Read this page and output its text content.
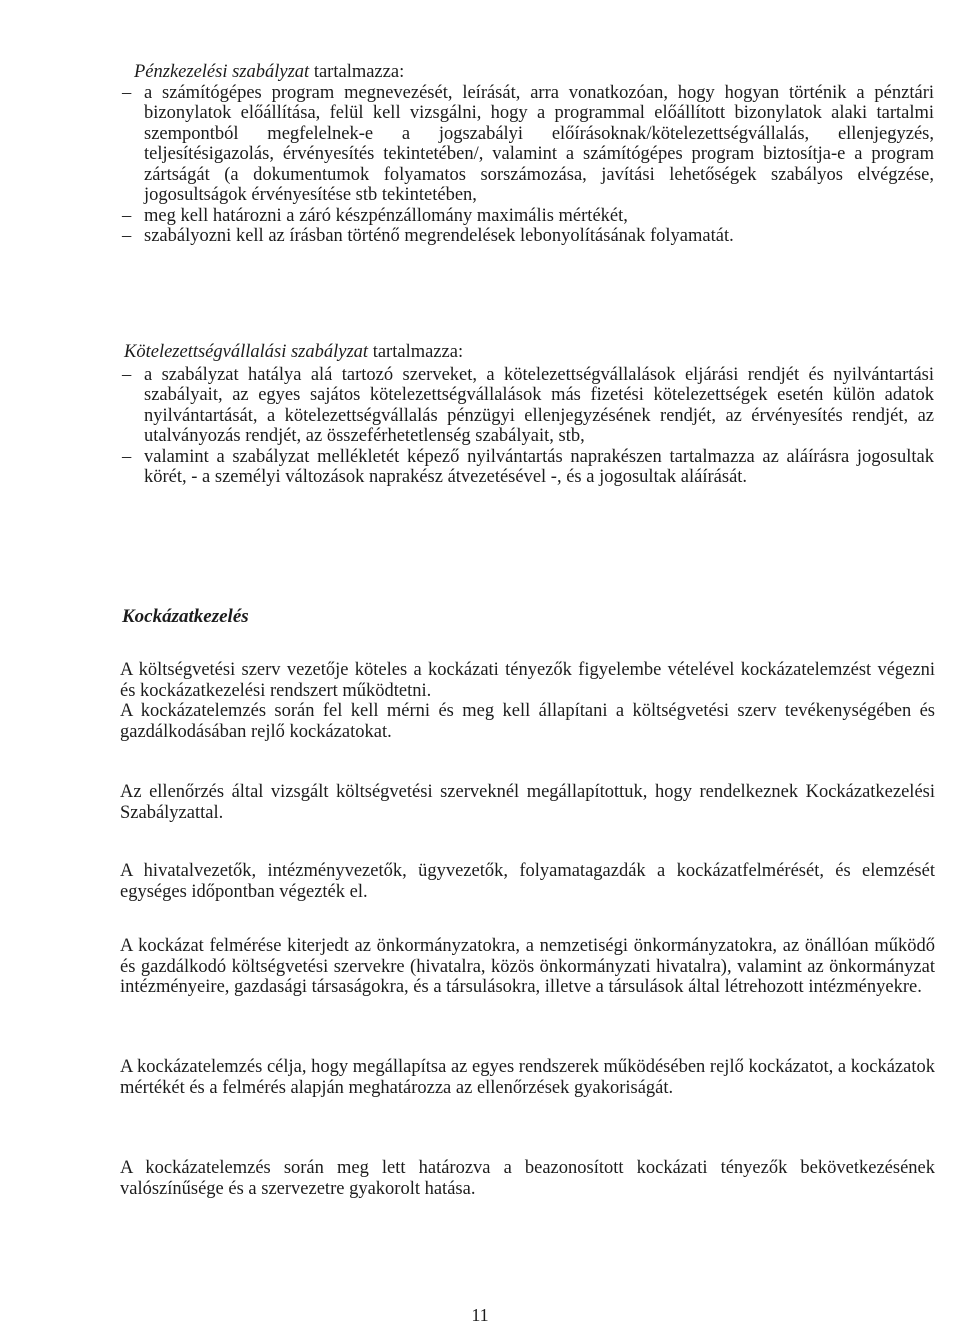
Pénzkezelési szabályzat tartalmazza:

– a számítógépes program megnevezését, leírását, arra vonatkozóan, hogy hogyan történik a pénztári bizonylatok előállítása, felül kell vizsgálni, hogy a programmal előállított bizonylatok alaki tartalmi szempontból megfelelnek-e a jogszabályi előírásoknak/kötelezettségvállalás, ellenjegyzés, teljesítésigazolás, érvényesítés tekintetében/, valamint a számítógépes program biztosítja-e a program zártságát (a dokumentumok folyamatos sorszámozása, javítási lehetőségek szabályos elvégzése, jogosultságok érvényesítése stb tekintetében,
– meg kell határozni a záró készpénzállomány maximális mértékét,
– szabályozni kell az írásban történő megrendelések lebonyolításának folyamatát.

Kötelezettségvállalási szabályzat tartalmazza:

– a szabályzat hatálya alá tartozó szerveket, a kötelezettségvállalások eljárási rendjét és nyilvántartási szabályait, az egyes sajátos kötelezettségvállalások más fizetési kötelezettségek esetén külön adatok nyilvántartását, a kötelezettségvállalás pénzügyi ellenjegyzésének rendjét, az érvényesítés rendjét, az utalványozás rendjét, az összeférhetetlenség szabályait, stb,
– valamint a szabályzat mellékletét képező nyilvántartás naprakészen tartalmazza az aláírásra jogosultak körét, - a személyi változások naprakész átvezetésével -, és a jogosultak aláírását.
Kockázatkezelés

A költségvetési szerv vezetője köteles a kockázati tényezők figyelembe vételével kockázatelemzést végezni és kockázatkezelési rendszert működtetni.

A kockázatelemzés során fel kell mérni és meg kell állapítani a költségvetési szerv tevékenységében és gazdálkodásában rejlő kockázatokat.

Az ellenőrzés által vizsgált költségvetési szerveknél megállapítottuk, hogy rendelkeznek Kockázatkezelési Szabályzattal.

A hivatalvezetők, intézményvezetők, ügyvezetők, folyamatagazdák a kockázatfelmérését, és elemzését egységes időpontban végezték el.

A kockázat felmérése kiterjedt az önkormányzatokra, a nemzetiségi önkormányzatokra, az önállóan működő és gazdálkodó költségvetési szervekre (hivatalra, közös önkormányzati hivatalra), valamint az önkormányzat intézményeire, gazdasági társaságokra, és a társulásokra, illetve a társulások által létrehozott intézményekre.

A kockázatelemzés célja, hogy megállapítsa az egyes rendszerek működésében rejlő kockázatot, a kockázatok mértékét és a felmérés alapján meghatározza az ellenőrzések gyakoriságát.

A kockázatelemzés során meg lett határozva a beazonosított kockázati tényezők bekövetkezésének valószínűsége és a szervezetre gyakorolt hatása.

11
